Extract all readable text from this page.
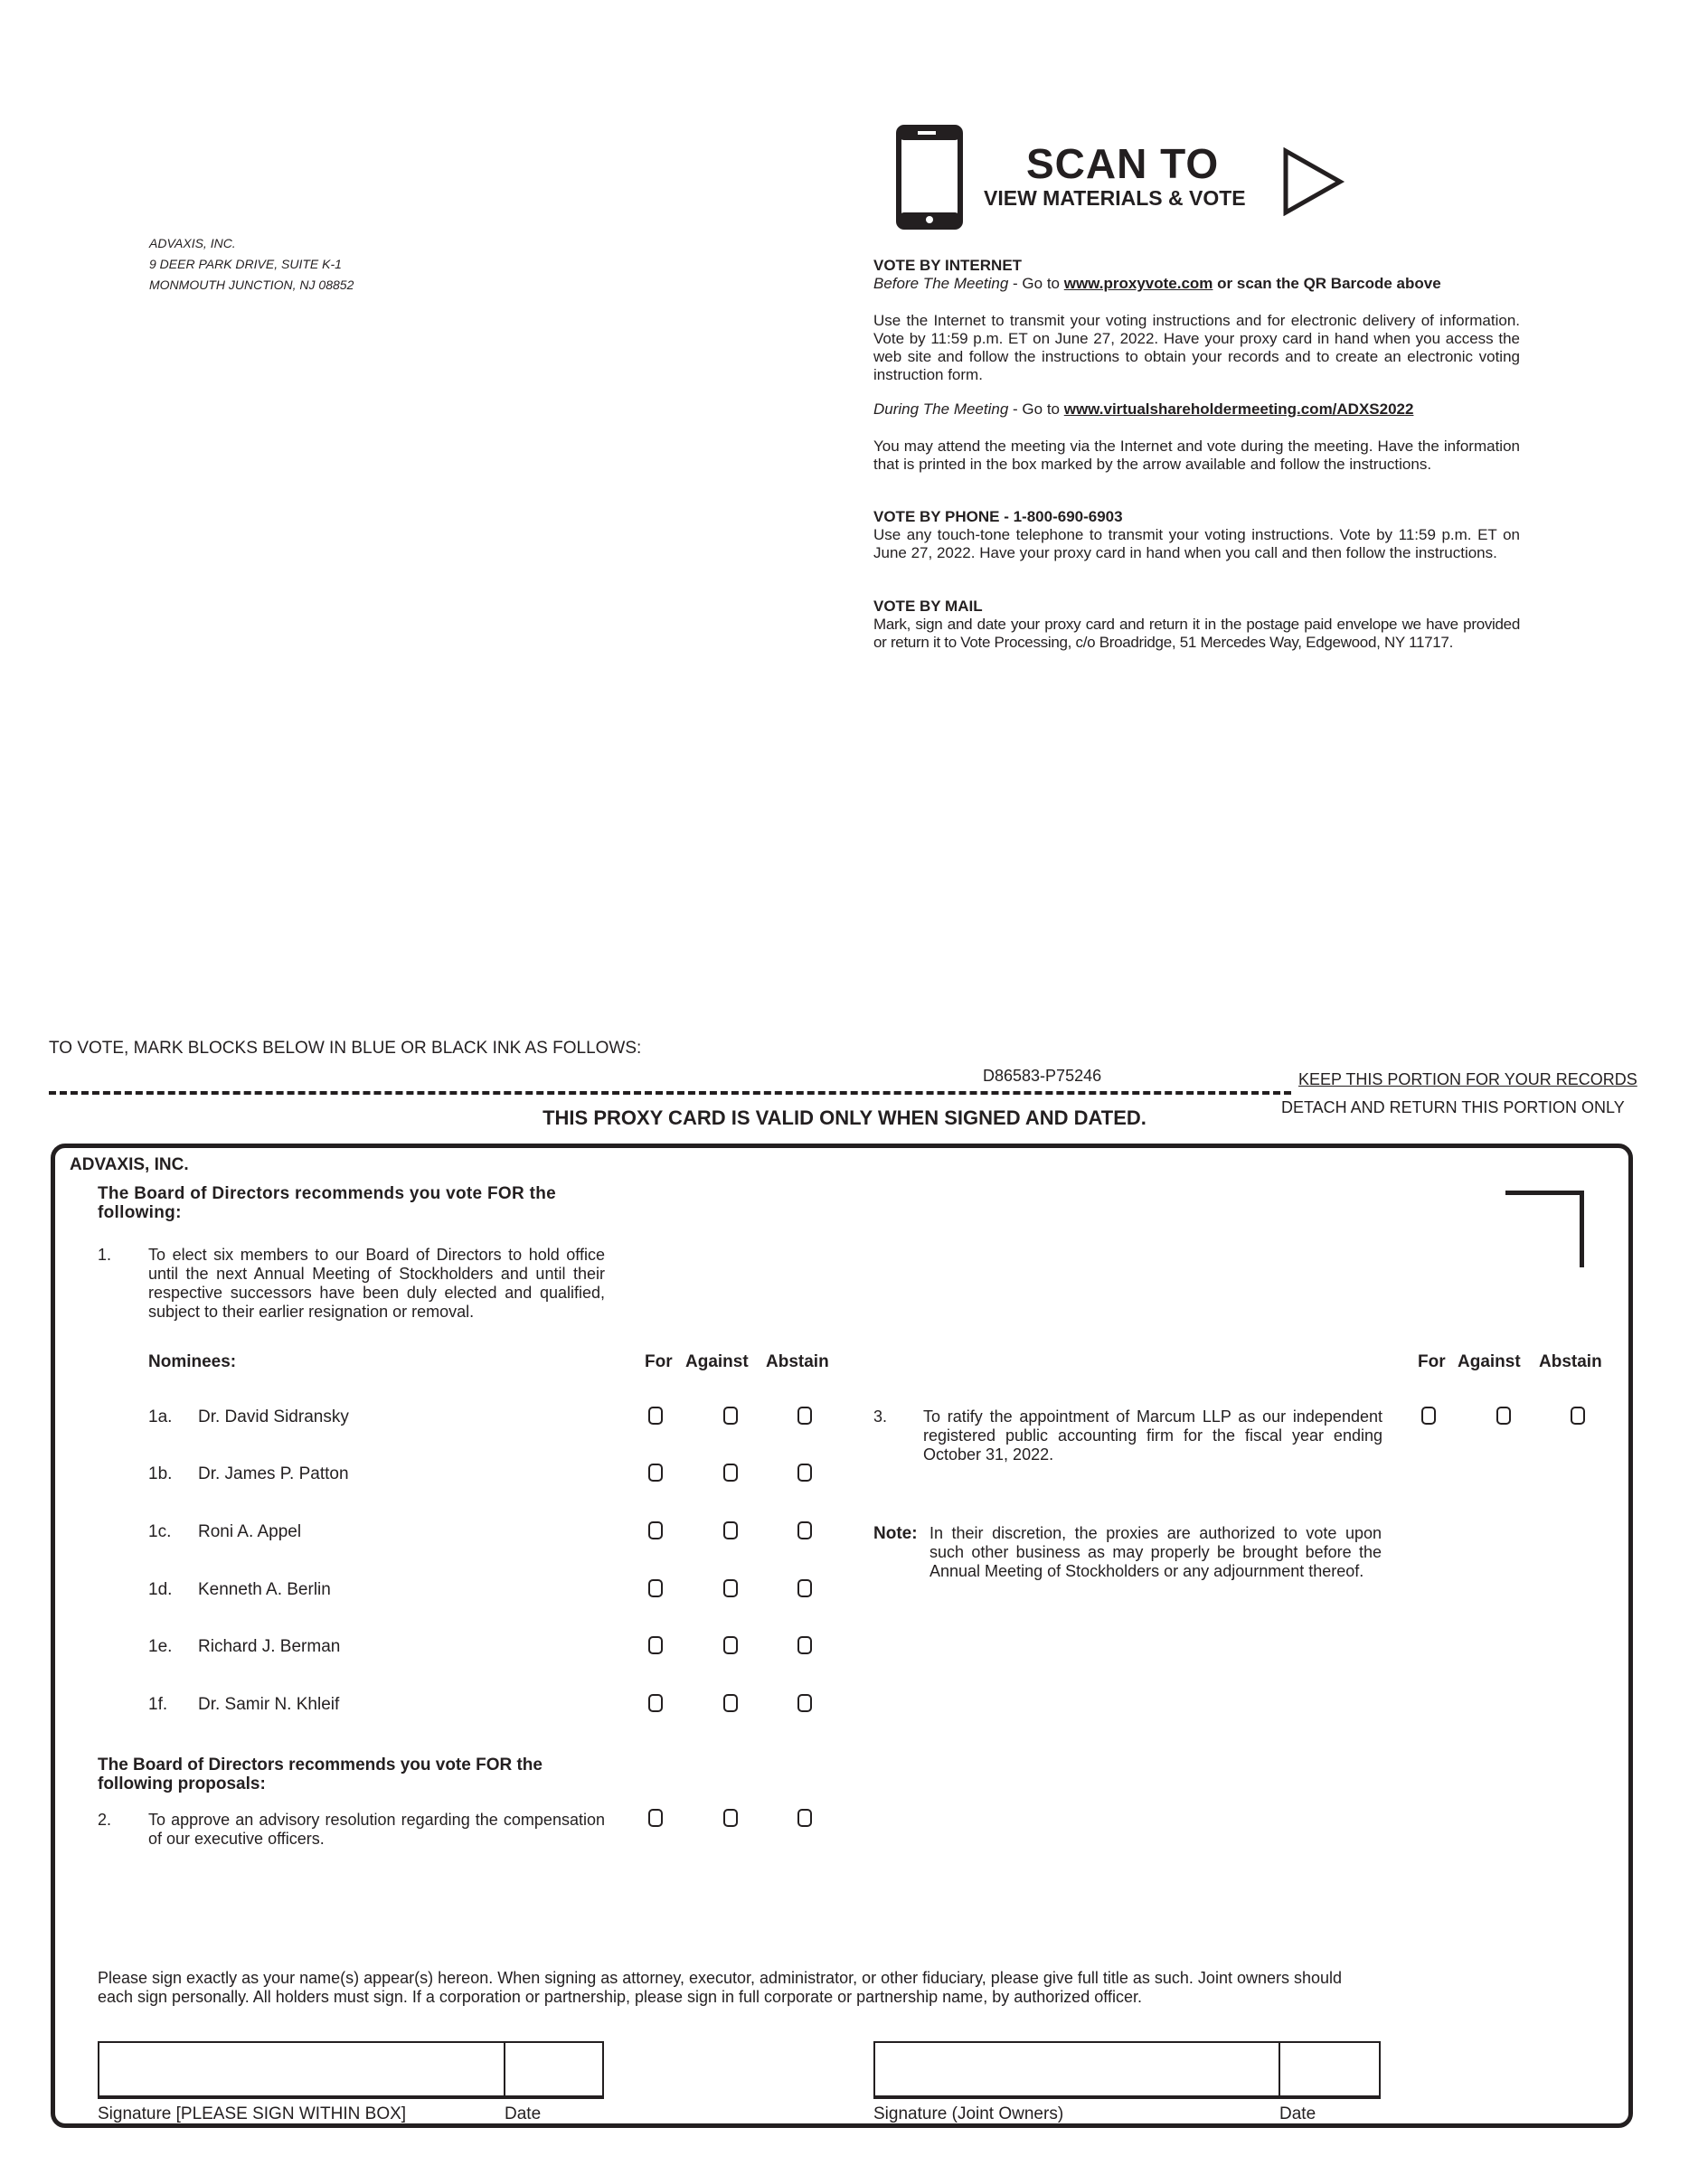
ADVAXIS, INC.
9 DEER PARK DRIVE, SUITE K-1
MONMOUTH JUNCTION, NJ 08852
SCAN TO
VIEW MATERIALS & VOTE
VOTE BY INTERNET
Before The Meeting - Go to www.proxyvote.com or scan the QR Barcode above
Use the Internet to transmit your voting instructions and for electronic delivery of information. Vote by 11:59 p.m. ET on June 27, 2022. Have your proxy card in hand when you access the web site and follow the instructions to obtain your records and to create an electronic voting instruction form.
During The Meeting - Go to www.virtualshareholdermeeting.com/ADXS2022
You may attend the meeting via the Internet and vote during the meeting. Have the information that is printed in the box marked by the arrow available and follow the instructions.
VOTE BY PHONE - 1-800-690-6903
Use any touch-tone telephone to transmit your voting instructions. Vote by 11:59 p.m. ET on June 27, 2022. Have your proxy card in hand when you call and then follow the instructions.
VOTE BY MAIL
Mark, sign and date your proxy card and return it in the postage paid envelope we have provided or return it to Vote Processing, c/o Broadridge, 51 Mercedes Way, Edgewood, NY 11717.
TO VOTE, MARK BLOCKS BELOW IN BLUE OR BLACK INK AS FOLLOWS:
D86583-P75246	KEEP THIS PORTION FOR YOUR RECORDS
DETACH AND RETURN THIS PORTION ONLY
THIS PROXY CARD IS VALID ONLY WHEN SIGNED AND DATED.
ADVAXIS, INC.
The Board of Directors recommends you vote FOR the following:
1. To elect six members to our Board of Directors to hold office until the next Annual Meeting of Stockholders and until their respective successors have been duly elected and qualified, subject to their earlier resignation or removal.
Nominees:	For Against Abstain	For Against Abstain
1a. Dr. David Sidransky
1b. Dr. James P. Patton
1c. Roni A. Appel
1d. Kenneth A. Berlin
1e. Richard J. Berman
1f. Dr. Samir N. Khleif
The Board of Directors recommends you vote FOR the following proposals:
2. To approve an advisory resolution regarding the compensation of our executive officers.
3. To ratify the appointment of Marcum LLP as our independent registered public accounting firm for the fiscal year ending October 31, 2022.
Note: In their discretion, the proxies are authorized to vote upon such other business as may properly be brought before the Annual Meeting of Stockholders or any adjournment thereof.
Please sign exactly as your name(s) appear(s) hereon. When signing as attorney, executor, administrator, or other fiduciary, please give full title as such. Joint owners should each sign personally. All holders must sign. If a corporation or partnership, please sign in full corporate or partnership name, by authorized officer.
Signature [PLEASE SIGN WITHIN BOX]	Date	Signature (Joint Owners)	Date
